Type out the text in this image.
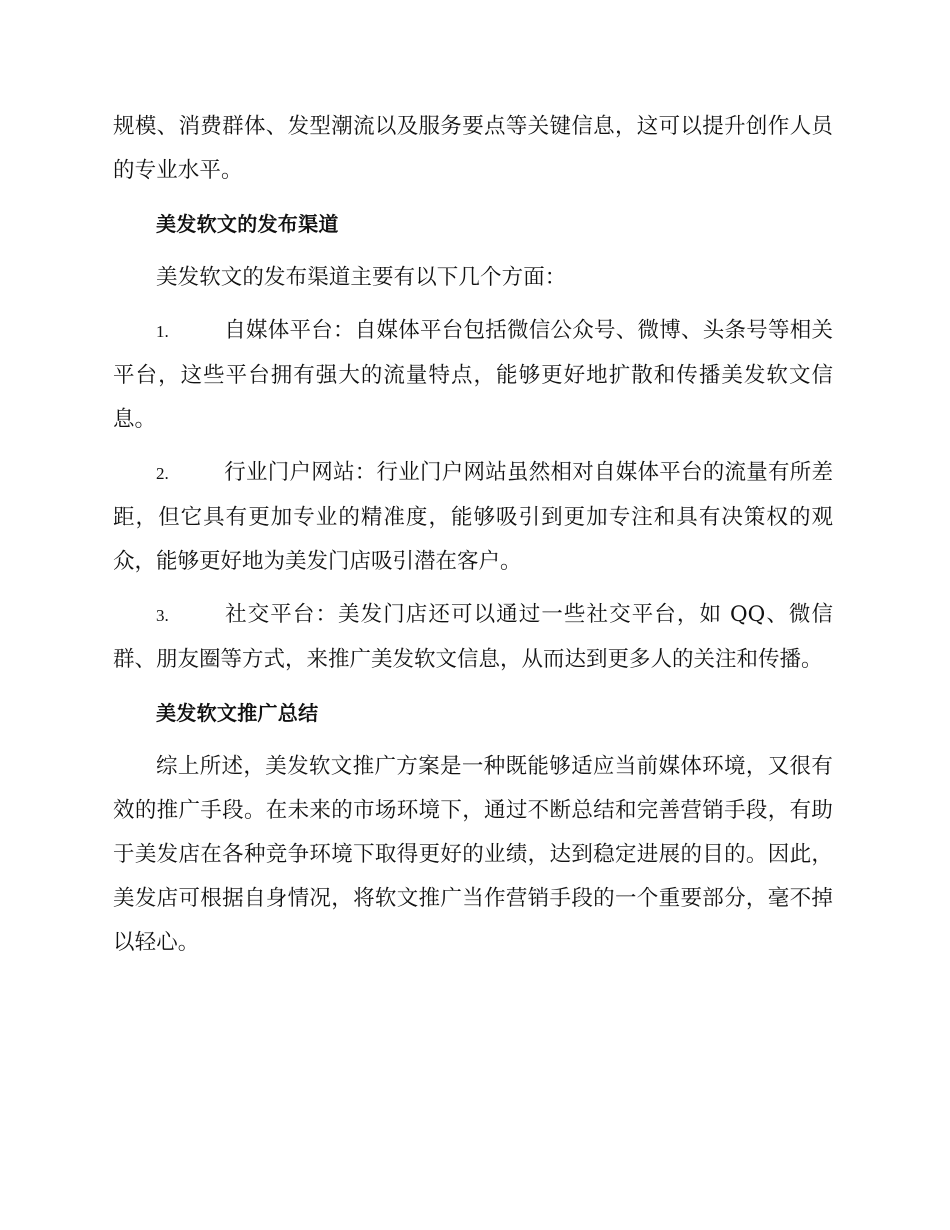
规模、消费群体、发型潮流以及服务要点等关键信息，这可以提升创作人员的专业水平。

美发软文的发布渠道

美发软文的发布渠道主要有以下几个方面：

1.	自媒体平台：自媒体平台包括微信公众号、微博、头条号等相关平台，这些平台拥有强大的流量特点，能够更好地扩散和传播美发软文信息。

2.	行业门户网站：行业门户网站虽然相对自媒体平台的流量有所差距，但它具有更加专业的精准度，能够吸引到更加专注和具有决策权的观众，能够更好地为美发门店吸引潜在客户。

3.	社交平台：美发门店还可以通过一些社交平台，如 QQ、微信群、朋友圈等方式，来推广美发软文信息，从而达到更多人的关注和传播。

美发软文推广总结

综上所述，美发软文推广方案是一种既能够适应当前媒体环境，又很有效的推广手段。在未来的市场环境下，通过不断总结和完善营销手段，有助于美发店在各种竞争环境下取得更好的业绩，达到稳定进展的目的。因此，美发店可根据自身情况，将软文推广当作营销手段的一个重要部分，毫不掉以轻心。
